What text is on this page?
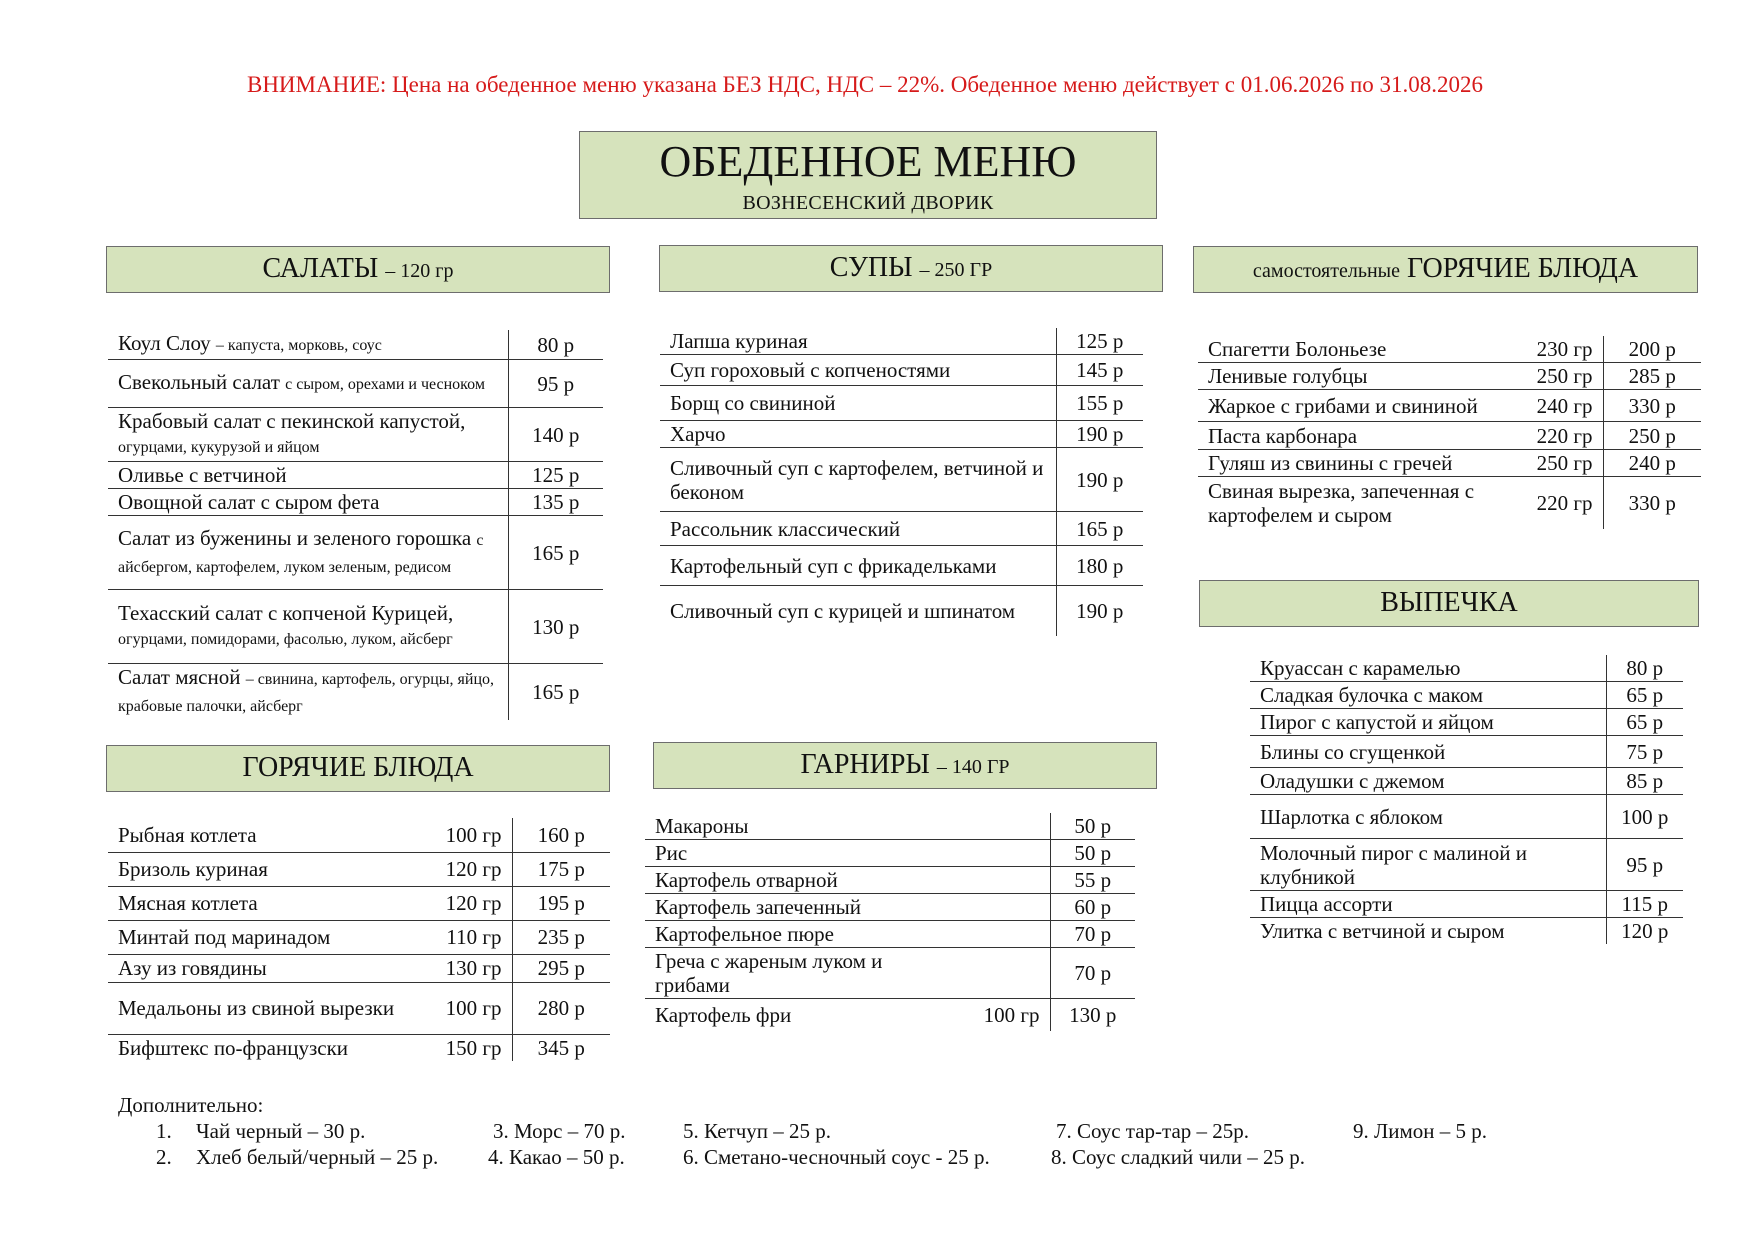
ВНИМАНИЕ: Цена на обеденное меню указана БЕЗ НДС, НДС – 22%. Обеденное меню действует с 01.06.2026 по 31.08.2026
ОБЕДЕННОЕ МЕНЮ
ВОЗНЕСЕНСКИЙ ДВОРИК
САЛАТЫ – 120 гр
Коул Слоу – капуста, морковь, соус	80 р
Свекольный салат с сыром, орехами и чесноком	95 р
Крабовый салат с пекинской капустой, огурцами, кукурузой и яйцом	140 р
Оливье с ветчиной	125 р
Овощной салат с сыром фета	135 р
Салат из буженины и зеленого горошка с айсбергом, картофелем, луком зеленым, редисом	165 р
Техасский салат с копченой Курицей, огурцами, помидорами, фасолью, луком, айсберг	130 р
Салат мясной – свинина, картофель, огурцы, яйцо, крабовые палочки, айсберг	165 р
СУПЫ – 250 ГР
Лапша куриная	125 р
Суп гороховый с копченостями	145 р
Борщ со свининой	155 р
Харчо	190 р
Сливочный суп с картофелем, ветчиной и беконом	190 р
Рассольник классический	165 р
Картофельный суп с фрикадельками	180 р
Сливочный суп с курицей и шпинатом	190 р
самостоятельные ГОРЯЧИЕ БЛЮДА
Спагетти Болоньезе	230 гр	200 р
Ленивые голубцы	250 гр	285 р
Жаркое с грибами и свининой	240 гр	330 р
Паста карбонара	220 гр	250 р
Гуляш из свинины с гречей	250 гр	240 р
Свиная вырезка, запеченная с картофелем и сыром	220 гр	330 р
ГОРЯЧИЕ БЛЮДА
Рыбная котлета	100 гр	160 р
Бризоль куриная	120 гр	175 р
Мясная котлета	120 гр	195 р
Минтай под маринадом	110 гр	235 р
Азу из говядины	130 гр	295 р
Медальоны из свиной вырезки	100 гр	280 р
Бифштекс по-французски	150 гр	345 р
ГАРНИРЫ – 140 ГР
Макароны		50 р
Рис		50 р
Картофель отварной		55 р
Картофель запеченный		60 р
Картофельное пюре		70 р
Греча с жареным луком и грибами		70 р
Картофель фри	100 гр	130 р
ВЫПЕЧКА
Круассан с карамелью	80 р
Сладкая булочка с маком	65 р
Пирог с капустой и яйцом	65 р
Блины со сгущенкой	75 р
Оладушки с джемом	85 р
Шарлотка с яблоком	100 р
Молочный пирог с малиной и клубникой	95 р
Пицца ассорти	115 р
Улитка с ветчиной и сыром	120 р
Дополнительно:
1.	Чай черный – 30 р.	3. Морс – 70 р.	5. Кетчуп – 25 р.	7. Соус тар-тар – 25р.	9. Лимон – 5 р.
2.	Хлеб белый/черный – 25 р.	4. Какао – 50 р.	6. Сметано-чесночный соус - 25 р.	8. Соус сладкий чили – 25 р.
